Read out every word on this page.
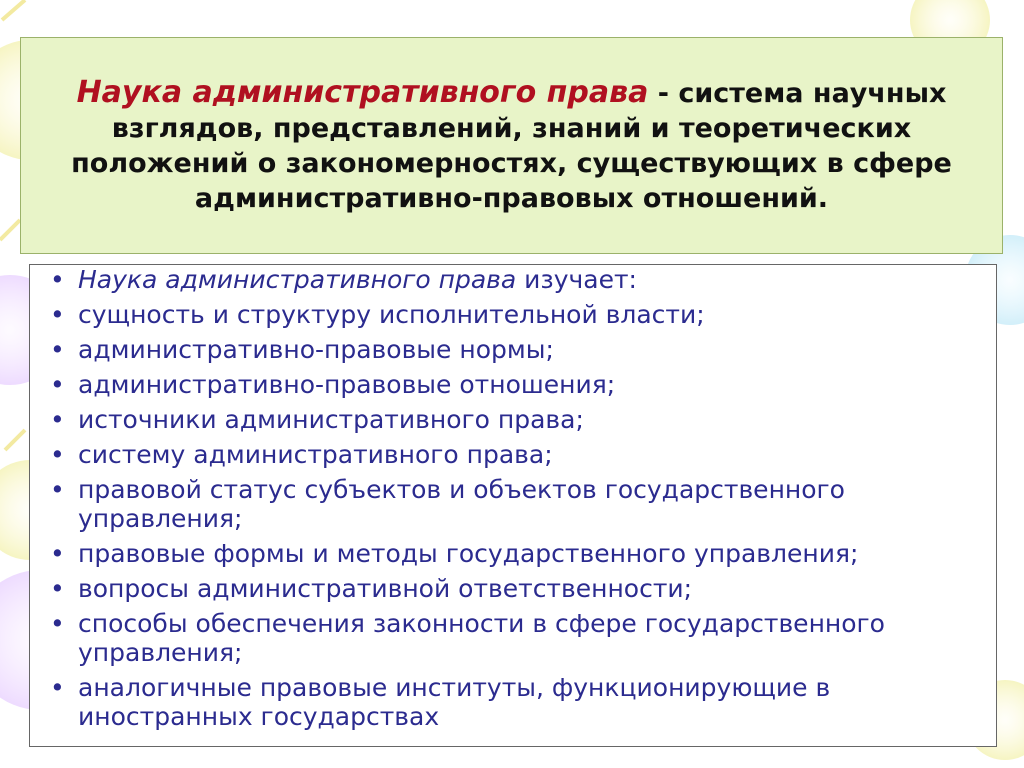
Наука административного права - система научных взглядов, представлений, знаний и теоретических положений о закономерностях, существующих в сфере административно-правовых отношений.

• Наука административного права изучает:
• сущность и структуру исполнительной власти;
• административно-правовые нормы;
• административно-правовые отношения;
• источники административного права;
• систему административного права;
• правовой статус субъектов и объектов государственного управления;
• правовые формы и методы государственного управления;
• вопросы административной ответственности;
• способы обеспечения законности в сфере государственного управления;
• аналогичные правовые институты, функционирующие в иностранных государствах
